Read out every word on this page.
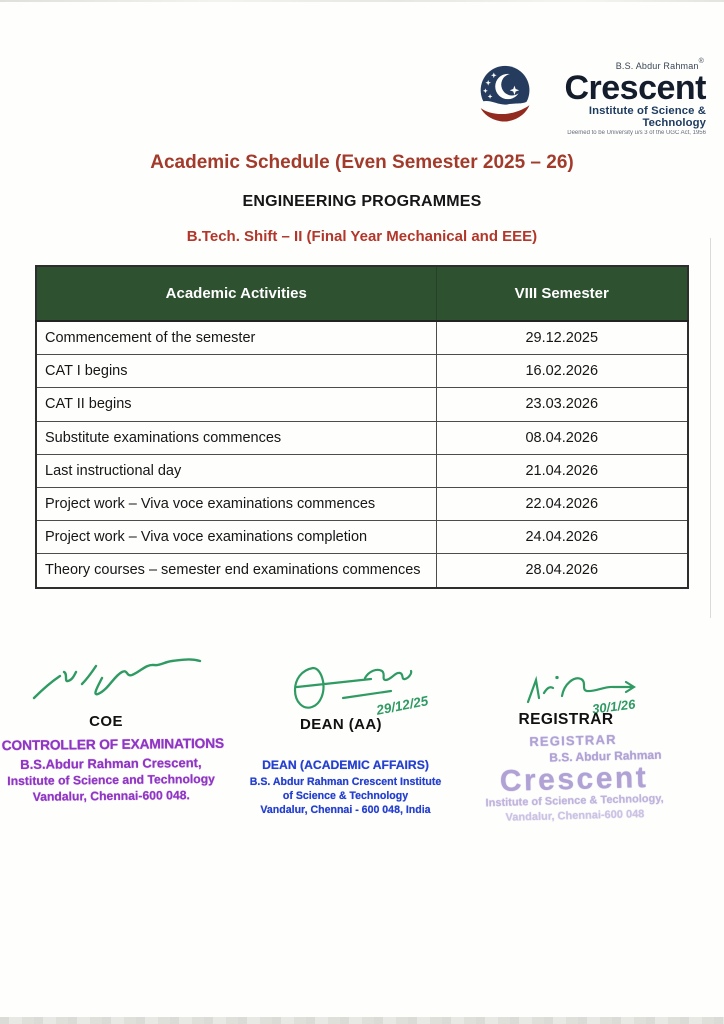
B.S. Abdur Rahman®
Crescent
Institute of Science & Technology
Deemed to be University u/s 3 of the UGC Act, 1956
Academic Schedule (Even Semester 2025 – 26)
ENGINEERING PROGRAMMES
B.Tech. Shift – II (Final Year Mechanical and EEE)
Academic Activities	VIII Semester
Commencement of the semester	29.12.2025
CAT I begins	16.02.2026
CAT II begins	23.03.2026
Substitute examinations commences	08.04.2026
Last instructional day	21.04.2026
Project work – Viva voce examinations commences	22.04.2026
Project work – Viva voce examinations completion	24.04.2026
Theory courses – semester end examinations commences	28.04.2026
COE
CONTROLLER OF EXAMINATIONS
B.S.Abdur Rahman Crescent,
Institute of Science and Technology
Vandalur, Chennai-600 048.
29/12/25
DEAN (AA)
DEAN (ACADEMIC AFFAIRS)
B.S. Abdur Rahman Crescent Institute
of Science & Technology
Vandalur, Chennai - 600 048, India
30/1/26
REGISTRAR
REGISTRAR
B.S. Abdur Rahman
Crescent
Institute of Science & Technology,
Vandalur, Chennai-600 048
